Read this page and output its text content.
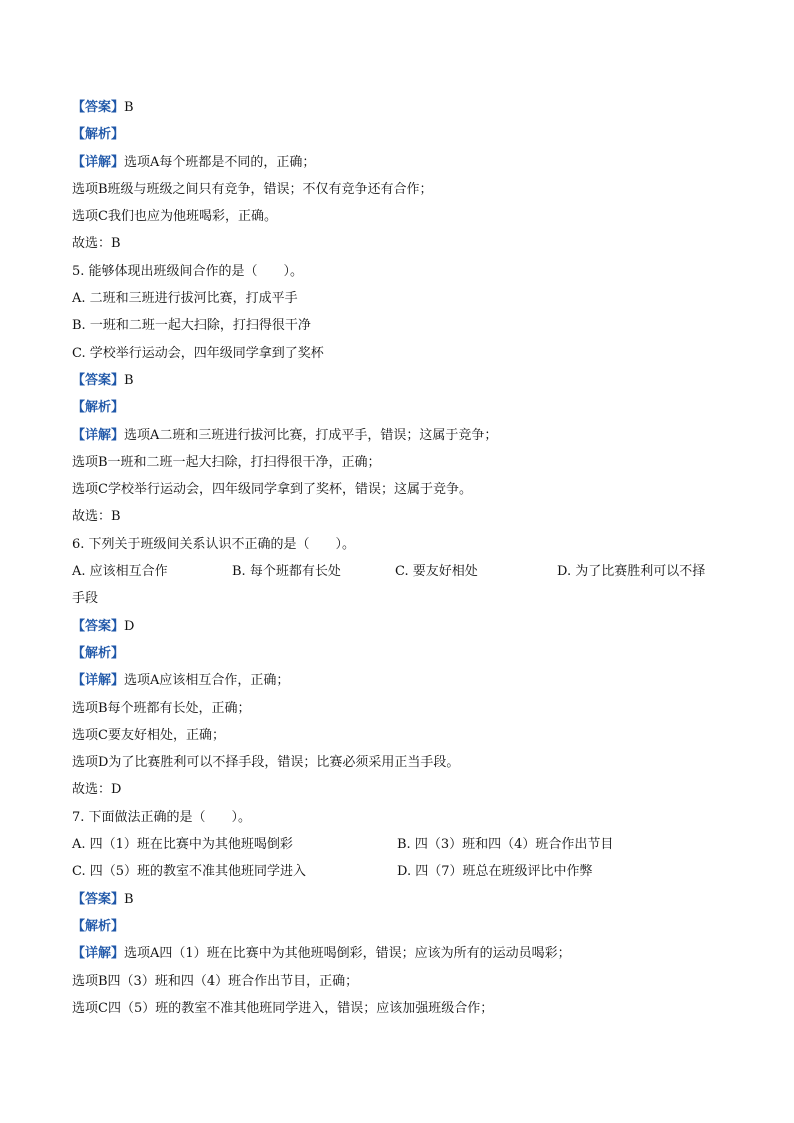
【答案】B
【解析】
【详解】选项A每个班都是不同的，正确；
选项B班级与班级之间只有竞争，错误；不仅有竞争还有合作；
选项C我们也应为他班喝彩，正确。
故选：B
5. 能够体现出班级间合作的是（　　）。
A. 二班和三班进行拔河比赛，打成平手
B. 一班和二班一起大扫除，打扫得很干净
C. 学校举行运动会，四年级同学拿到了奖杯
【答案】B
【解析】
【详解】选项A二班和三班进行拔河比赛，打成平手，错误；这属于竞争；
选项B一班和二班一起大扫除，打扫得很干净，正确；
选项C学校举行运动会，四年级同学拿到了奖杯，错误；这属于竞争。
故选：B
6. 下列关于班级间关系认识不正确的是（　　）。
A. 应该相互合作	B. 每个班都有长处	C. 要友好相处	D. 为了比赛胜利可以不择
手段
【答案】D
【解析】
【详解】选项A应该相互合作，正确；
选项B每个班都有长处，正确；
选项C要友好相处，正确；
选项D为了比赛胜利可以不择手段，错误；比赛必须采用正当手段。
故选：D
7. 下面做法正确的是（　　）。
A. 四（1）班在比赛中为其他班喝倒彩	B. 四（3）班和四（4）班合作出节目
C. 四（5）班的教室不准其他班同学进入	D. 四（7）班总在班级评比中作弊
【答案】B
【解析】
【详解】选项A四（1）班在比赛中为其他班喝倒彩，错误；应该为所有的运动员喝彩；
选项B四（3）班和四（4）班合作出节目，正确；
选项C四（5）班的教室不准其他班同学进入，错误；应该加强班级合作；
